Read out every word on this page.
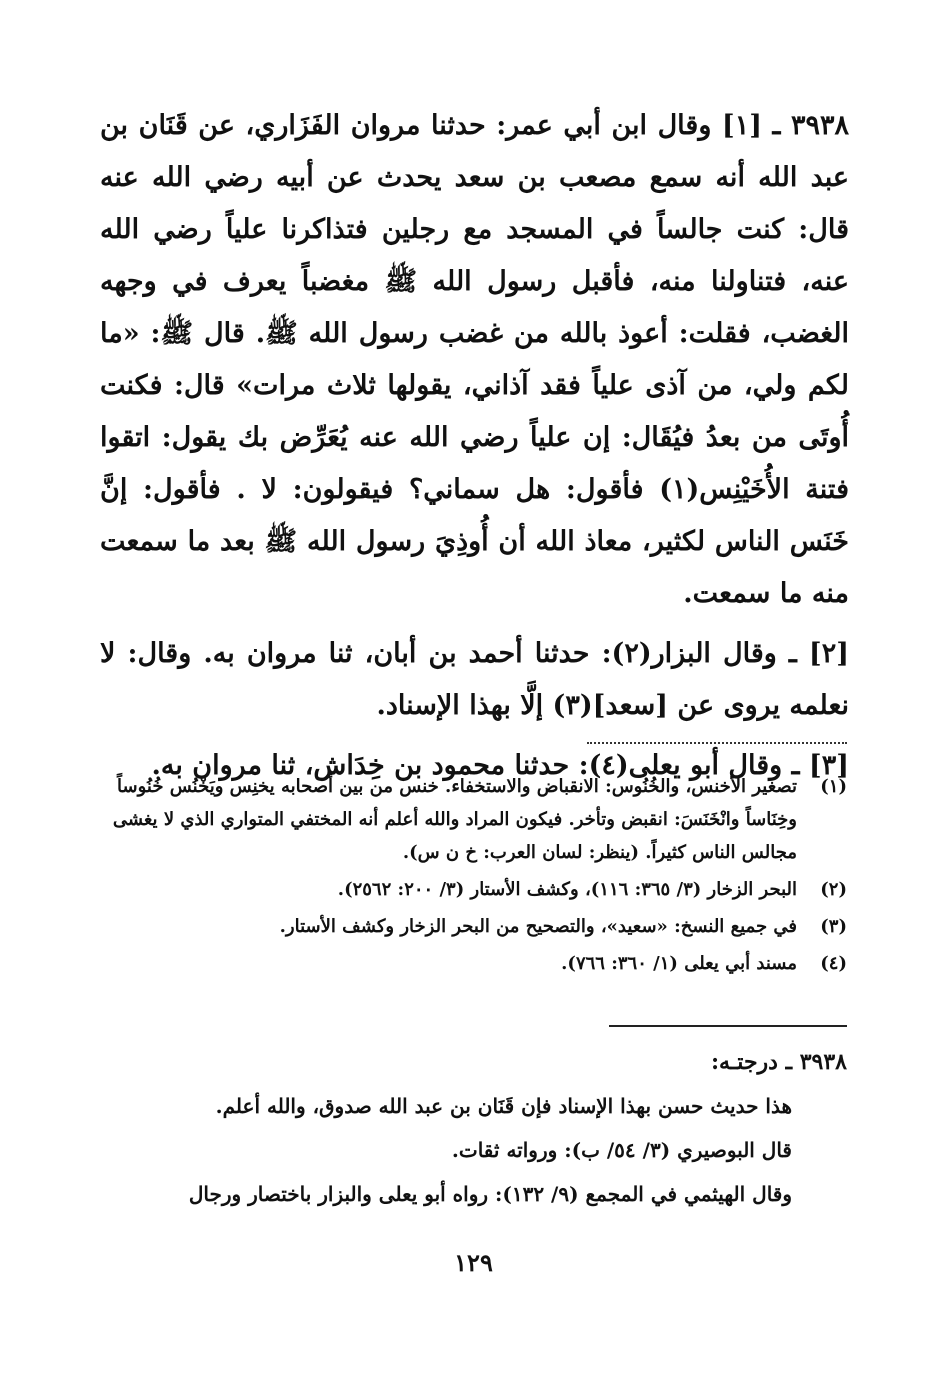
٣٩٣٨ ـ [١] وقال ابن أبي عمر: حدثنا مروان الفَزَاري، عن قَنَان بن عبد الله أنه سمع مصعب بن سعد يحدث عن أبيه رضي الله عنه قال: كنت جالساً في المسجد مع رجلين فتذاكرنا علياً رضي الله عنه، فتناولنا منه، فأقبل رسول الله ﷺ مغضباً يعرف في وجهه الغضب، فقلت: أعوذ بالله من غضب رسول الله ﷺ. قال ﷺ: «ما لكم ولي، من آذى علياً فقد آذاني، يقولها ثلاث مرات» قال: فكنت أُوتَى من بعدُ فيُقَال: إن علياً رضي الله عنه يُعَرِّض بك يقول: اتقوا فتنة الأُخَيْنِس(١) فأقول: هل سماني؟ فيقولون: لا . فأقول: إنَّ خَنَس الناس لكثير، معاذ الله أن أُوذِيَ رسول الله ﷺ بعد ما سمعت منه ما سمعت.

[٢] ـ وقال البزار(٢): حدثنا أحمد بن أبان، ثنا مروان به. وقال: لا نعلمه يروى عن [سعد](٣) إلَّا بهذا الإسناد.

[٣] ـ وقال أبو يعلى(٤): حدثنا محمود بن خِدَاش، ثنا مروان به.

(١)
تصغير الأخنس، والخُنُوس: الانقباض والاستخفاء. خنس من بين أصحابه يخنِس ويَخْنُس خُنُوساً وخِنَاساً وانْخَنَسَ: انقبض وتأخر. فيكون المراد والله أعلم أنه المختفي المتواري الذي لا يغشى مجالس الناس كثيراً. (ينظر: لسان العرب: خ ن س).
(٢)
البحر الزخار (٣/ ٣٦٥: ١١٦)، وكشف الأستار (٣/ ٢٠٠: ٢٥٦٢).
(٣)
في جميع النسخ: «سعيد»، والتصحيح من البحر الزخار وكشف الأستار.
(٤)
مسند أبي يعلى (١/ ٣٦٠: ٧٦٦).

٣٩٣٨ ـ درجتـه:

هذا حديث حسن بهذا الإسناد فإن قَنَان بن عبد الله صدوق، والله أعلم.

قال البوصيري (٣/ ٥٤/ ب): ورواته ثقات.

وقال الهيثمي في المجمع (٩/ ١٣٢): رواه أبو يعلى والبزار باختصار ورجال

١٢٩
